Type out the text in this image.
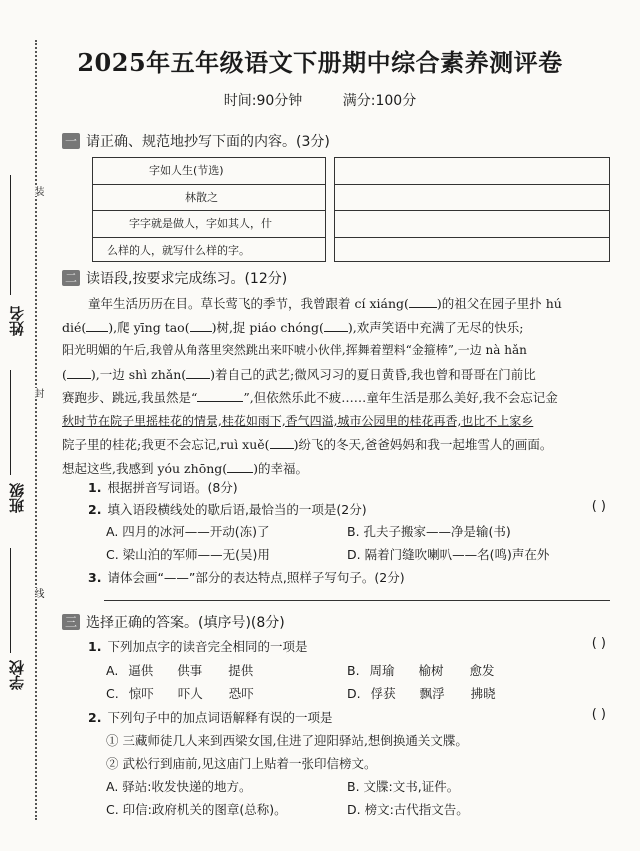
装
封
线
姓名
班级
学校
2025年五年级语文下册期中综合素养测评卷
时间:90分钟	满分:100分
一 请正确、规范地抄写下面的内容。(3分)
字如人生(节选)
林散之
字字就是做人，字如其人，什
么样的人，就写什么样的字。
二 读语段,按要求完成练习。(12分)
童年生活历历在目。草长莺飞的季节，我曾跟着 cí xiáng( )的祖父在园子里扑 hú
dié( ),爬 yīng tao( )树,捉 piáo chóng( ),欢声笑语中充满了无尽的快乐;
阳光明媚的午后,我曾从角落里突然跳出来吓唬小伙伴,挥舞着塑料“金箍棒”,一边 nà hǎn
( ),一边 shì zhǎn( )着自己的武艺;微风习习的夏日黄昏,我也曾和哥哥在门前比
赛跑步、跳远,我虽然是“	”,但依然乐此不疲……童年生活是那么美好,我不会忘记金
秋时节在院子里摇桂花的情景,桂花如雨下,香气四溢,城市公园里的桂花再香,也比不上家乡
院子里的桂花;我更不会忘记,ruì xuě( )纷飞的冬天,爸爸妈妈和我一起堆雪人的画面。
想起这些,我感到 yóu zhōng( )的幸福。
1. 根据拼音写词语。(8分)
2. 填入语段横线处的歇后语,最恰当的一项是(2分)	( )
A. 四月的冰河——开动(冻)了	B. 孔夫子搬家——净是输(书)
C. 梁山泊的军师——无(吴)用	D. 隔着门缝吹喇叭——名(鸣)声在外
3. 请体会画“——”部分的表达特点,照样子写句子。(2分)
三 选择正确的答案。(填序号)(8分)
1. 下列加点字的读音完全相同的一项是	( )
A. 逼供 供事 提供	B. 周瑜 榆树 愈发
C. 惊吓 吓人 恐吓	D. 俘获 飘浮 拂晓
2. 下列句子中的加点词语解释有误的一项是	( )
① 三藏师徒几人来到西梁女国,住进了迎阳驿站,想倒换通关文牒。
② 武松行到庙前,见这庙门上贴着一张印信榜文。
A. 驿站:收发快递的地方。	B. 文牒:文书,证件。
C. 印信:政府机关的图章(总称)。	D. 榜文:古代指文告。
